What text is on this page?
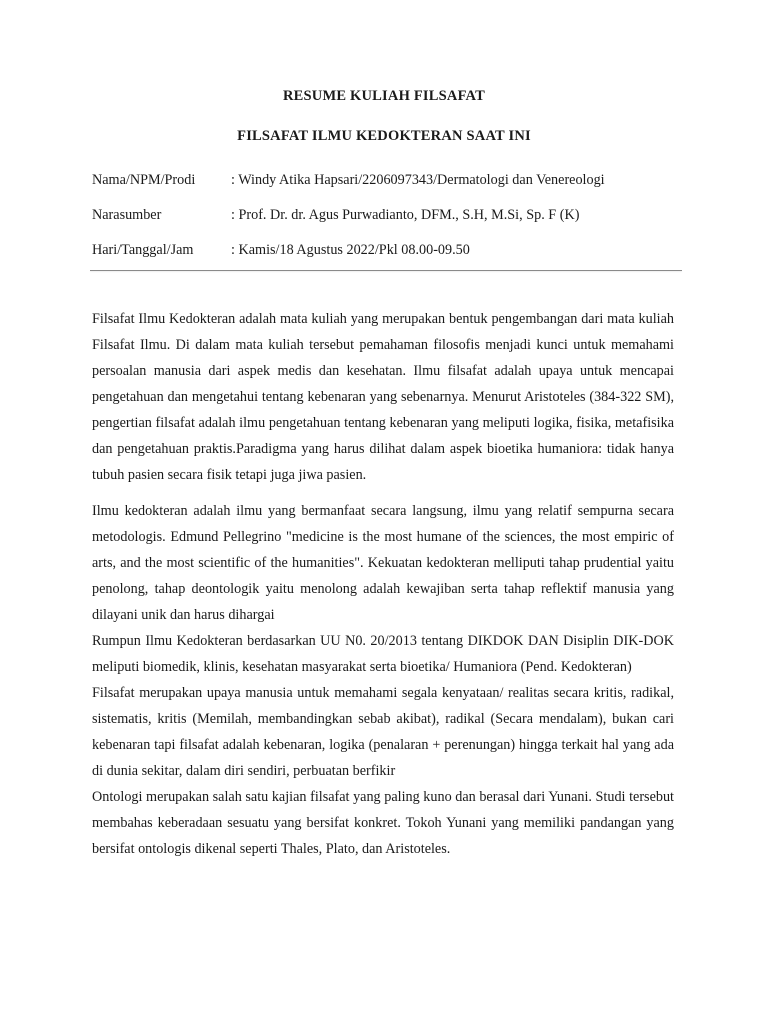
RESUME KULIAH FILSAFAT
FILSAFAT ILMU KEDOKTERAN SAAT INI
Nama/NPM/Prodi	: Windy Atika Hapsari/2206097343/Dermatologi dan Venereologi
Narasumber	: Prof. Dr. dr. Agus Purwadianto, DFM., S.H, M.Si, Sp. F (K)
Hari/Tanggal/Jam	: Kamis/18 Agustus 2022/Pkl 08.00-09.50

Filsafat Ilmu Kedokteran adalah mata kuliah yang merupakan bentuk pengembangan dari mata kuliah Filsafat Ilmu. Di dalam mata kuliah tersebut pemahaman filosofis menjadi kunci untuk memahami persoalan manusia dari aspek medis dan kesehatan. Ilmu filsafat adalah upaya untuk mencapai pengetahuan dan mengetahui tentang kebenaran yang sebenarnya. Menurut Aristoteles (384-322 SM), pengertian filsafat adalah ilmu pengetahuan tentang kebenaran yang meliputi logika, fisika, metafisika dan pengetahuan praktis.Paradigma yang harus dilihat dalam aspek bioetika humaniora: tidak hanya tubuh pasien secara fisik tetapi juga jiwa pasien.

Ilmu kedokteran adalah ilmu yang bermanfaat secara langsung, ilmu yang relatif sempurna secara metodologis. Edmund Pellegrino "medicine is the most humane of the sciences, the most empiric of arts, and the most scientific of the humanities". Kekuatan kedokteran melliputi tahap prudential yaitu penolong, tahap deontologik yaitu menolong adalah kewajiban serta tahap reflektif manusia yang dilayani unik dan harus dihargai

Rumpun Ilmu Kedokteran berdasarkan UU N0. 20/2013 tentang DIKDOK DAN Disiplin DIK-DOK meliputi biomedik, klinis, kesehatan masyarakat serta bioetika/ Humaniora (Pend. Kedokteran)

Filsafat merupakan upaya manusia untuk memahami segala kenyataan/ realitas secara kritis, radikal, sistematis, kritis (Memilah, membandingkan sebab akibat), radikal (Secara mendalam), bukan cari kebenaran tapi filsafat adalah kebenaran, logika (penalaran + perenungan) hingga terkait hal yang ada di dunia sekitar, dalam diri sendiri, perbuatan berfikir

Ontologi merupakan salah satu kajian filsafat yang paling kuno dan berasal dari Yunani. Studi tersebut membahas keberadaan sesuatu yang bersifat konkret. Tokoh Yunani yang memiliki pandangan yang bersifat ontologis dikenal seperti Thales, Plato, dan Aristoteles.
